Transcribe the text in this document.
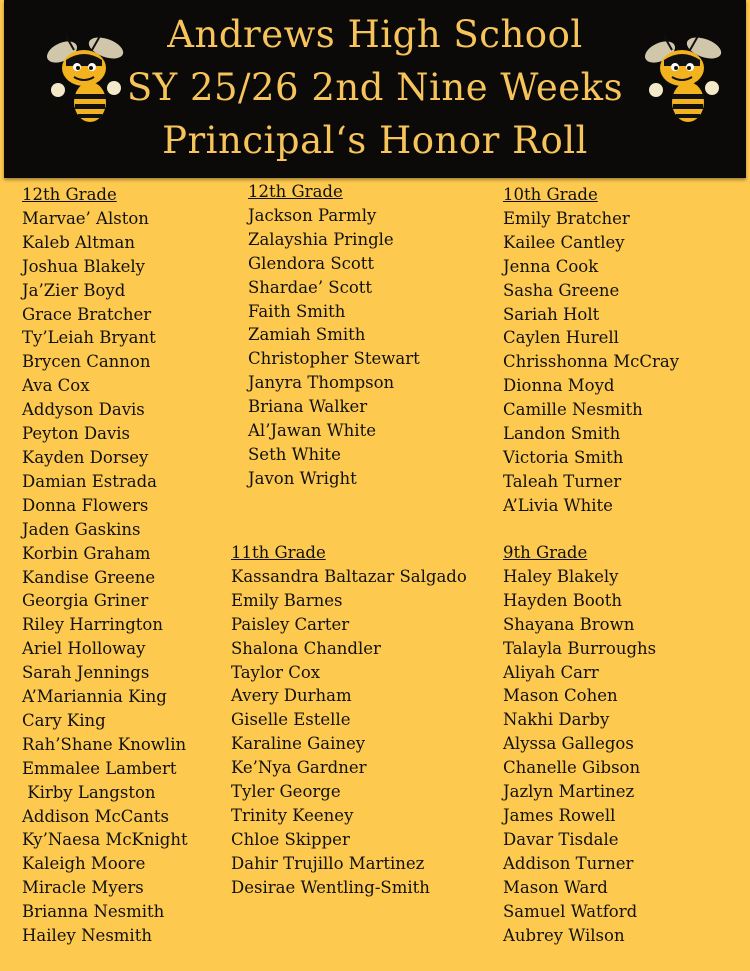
Andrews High School
SY 25/26 2nd Nine Weeks
Principal‘s Honor Roll
12th Grade
Marvae’ Alston
Kaleb Altman
Joshua Blakely
Ja’Zier Boyd
Grace Bratcher
Ty’Leiah Bryant
Brycen Cannon
Ava Cox
Addyson Davis
Peyton Davis
Kayden Dorsey
Damian Estrada
Donna Flowers
Jaden Gaskins
Korbin Graham
Kandise Greene
Georgia Griner
Riley Harrington
Ariel Holloway
Sarah Jennings
A’Mariannia King
Cary King
Rah’Shane Knowlin
Emmalee Lambert
Kirby Langston
Addison McCants
Ky’Naesa McKnight
Kaleigh Moore
Miracle Myers
Brianna Nesmith
Hailey Nesmith
12th Grade
Jackson Parmly
Zalayshia Pringle
Glendora Scott
Shardae’ Scott
Faith Smith
Zamiah Smith
Christopher Stewart
Janyra Thompson
Briana Walker
Al’Jawan White
Seth White
Javon Wright
11th Grade
Kassandra Baltazar Salgado
Emily Barnes
Paisley Carter
Shalona Chandler
Taylor Cox
Avery Durham
Giselle Estelle
Karaline Gainey
Ke’Nya Gardner
Tyler George
Trinity Keeney
Chloe Skipper
Dahir Trujillo Martinez
Desirae Wentling-Smith
10th Grade
Emily Bratcher
Kailee Cantley
Jenna Cook
Sasha Greene
Sariah Holt
Caylen Hurell
Chrisshonna McCray
Dionna Moyd
Camille Nesmith
Landon Smith
Victoria Smith
Taleah Turner
A’Livia White
9th Grade
Haley Blakely
Hayden Booth
Shayana Brown
Talayla Burroughs
Aliyah Carr
Mason Cohen
Nakhi Darby
Alyssa Gallegos
Chanelle Gibson
Jazlyn Martinez
James Rowell
Davar Tisdale
Addison Turner
Mason Ward
Samuel Watford
Aubrey Wilson
